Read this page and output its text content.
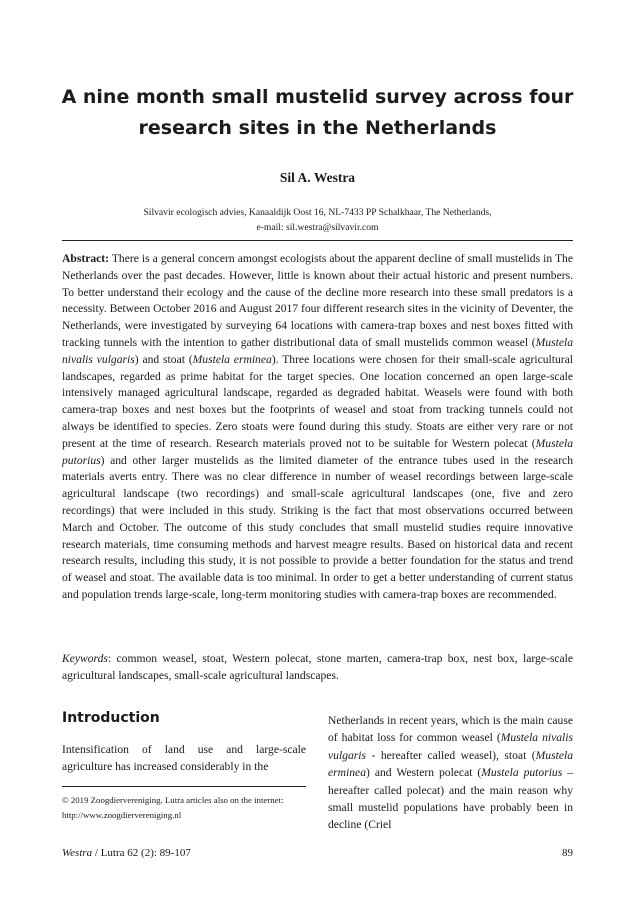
A nine month small mustelid survey across four research sites in the Netherlands
Sil A. Westra
Silvavir ecologisch advies, Kanaaldijk Oost 16, NL-7433 PP Schalkhaar, The Netherlands,
e-mail: sil.westra@silvavir.com
Abstract: There is a general concern amongst ecologists about the apparent decline of small mustelids in The Netherlands over the past decades. However, little is known about their actual historic and present numbers. To better understand their ecology and the cause of the decline more research into these small predators is a necessity. Between October 2016 and August 2017 four different research sites in the vicinity of Deventer, the Netherlands, were investigated by surveying 64 locations with camera-trap boxes and nest boxes fitted with tracking tunnels with the intention to gather distributional data of small mustelids common weasel (Mustela nivalis vulgaris) and stoat (Mustela erminea). Three locations were chosen for their small-scale agricultural landscapes, regarded as prime habitat for the target species. One location concerned an open large-scale intensively managed agricultural landscape, regarded as degraded habitat. Weasels were found with both camera-trap boxes and nest boxes but the footprints of weasel and stoat from tracking tunnels could not always be identified to species. Zero stoats were found during this study. Stoats are either very rare or not present at the time of research. Research materials proved not to be suitable for Western polecat (Mustela putorius) and other larger mustelids as the limited diameter of the entrance tubes used in the research materials averts entry. There was no clear difference in number of weasel recordings between large-scale agricultural landscape (two recordings) and small-scale agricultural landscapes (one, five and zero recordings) that were included in this study. Striking is the fact that most observations occurred between March and October. The outcome of this study concludes that small mustelid studies require innovative research materials, time consuming methods and harvest meagre results. Based on historical data and recent research results, including this study, it is not possible to provide a better foundation for the status and trend of weasel and stoat. The available data is too minimal. In order to get a better understanding of current status and population trends large-scale, long-term monitoring studies with camera-trap boxes are recommended.
Keywords: common weasel, stoat, Western polecat, stone marten, camera-trap box, nest box, large-scale agricultural landscapes, small-scale agricultural landscapes.
Introduction
Intensification of land use and large-scale agriculture has increased considerably in the
© 2019 Zoogdiervereniging. Lutra articles also on the internet: http://www.zoogdiervereniging.nl
Netherlands in recent years, which is the main cause of habitat loss for common weasel (Mustela nivalis vulgaris - hereafter called weasel), stoat (Mustela erminea) and Western polecat (Mustela putorius – hereafter called polecat) and the main reason why small mustelid populations have probably been in decline (Criel
Westra / Lutra 62 (2): 89-107	89
